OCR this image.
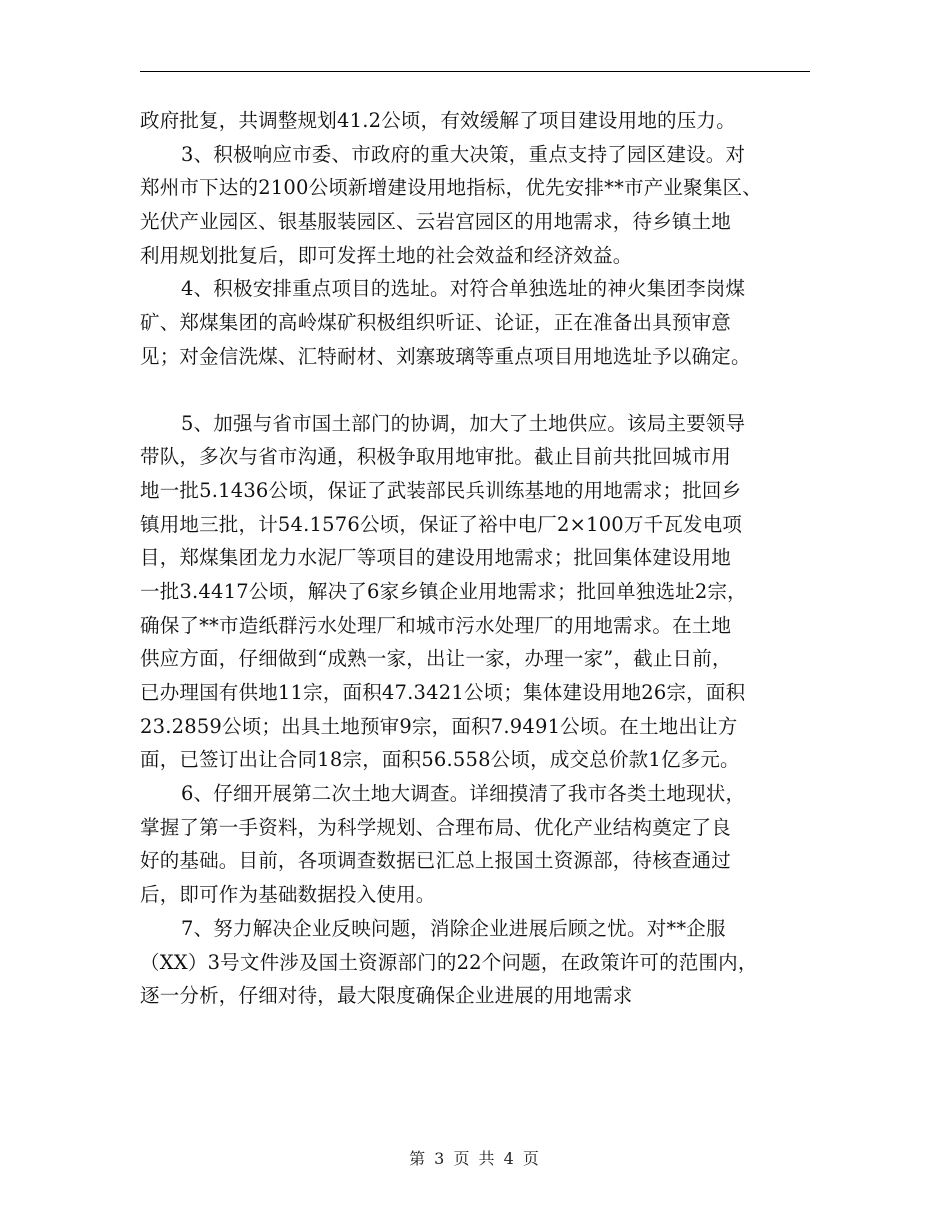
政府批复，共调整规划41.2公顷，有效缓解了项目建设用地的压力。
3、积极响应市委、市政府的重大决策，重点支持了园区建设。对
郑州市下达的2100公顷新增建设用地指标，优先安排**市产业聚集区、
光伏产业园区、银基服装园区、云岩宫园区的用地需求，待乡镇土地
利用规划批复后，即可发挥土地的社会效益和经济效益。
4、积极安排重点项目的选址。对符合单独选址的神火集团李岗煤
矿、郑煤集团的高岭煤矿积极组织听证、论证，正在准备出具预审意
见；对金信洗煤、汇特耐材、刘寨玻璃等重点项目用地选址予以确定。
5、加强与省市国土部门的协调，加大了土地供应。该局主要领导
带队，多次与省市沟通，积极争取用地审批。截止目前共批回城市用
地一批5.1436公顷，保证了武装部民兵训练基地的用地需求；批回乡
镇用地三批，计54.1576公顷，保证了裕中电厂2×100万千瓦发电项
目，郑煤集团龙力水泥厂等项目的建设用地需求；批回集体建设用地
一批3.4417公顷，解决了6家乡镇企业用地需求；批回单独选址2宗，
确保了**市造纸群污水处理厂和城市污水处理厂的用地需求。在土地
供应方面，仔细做到“成熟一家，出让一家，办理一家”，截止日前，
已办理国有供地11宗，面积47.3421公顷；集体建设用地26宗，面积
23.2859公顷；出具土地预审9宗，面积7.9491公顷。在土地出让方
面，已签订出让合同18宗，面积56.558公顷，成交总价款1亿多元。
6、仔细开展第二次土地大调查。详细摸清了我市各类土地现状，
掌握了第一手资料，为科学规划、合理布局、优化产业结构奠定了良
好的基础。目前，各项调查数据已汇总上报国土资源部，待核查通过
后，即可作为基础数据投入使用。
7、努力解决企业反映问题，消除企业进展后顾之忧。对**企服
（XX）3号文件涉及国土资源部门的22个问题，在政策许可的范围内，
逐一分析，仔细对待，最大限度确保企业进展的用地需求
第 3 页 共 4 页
